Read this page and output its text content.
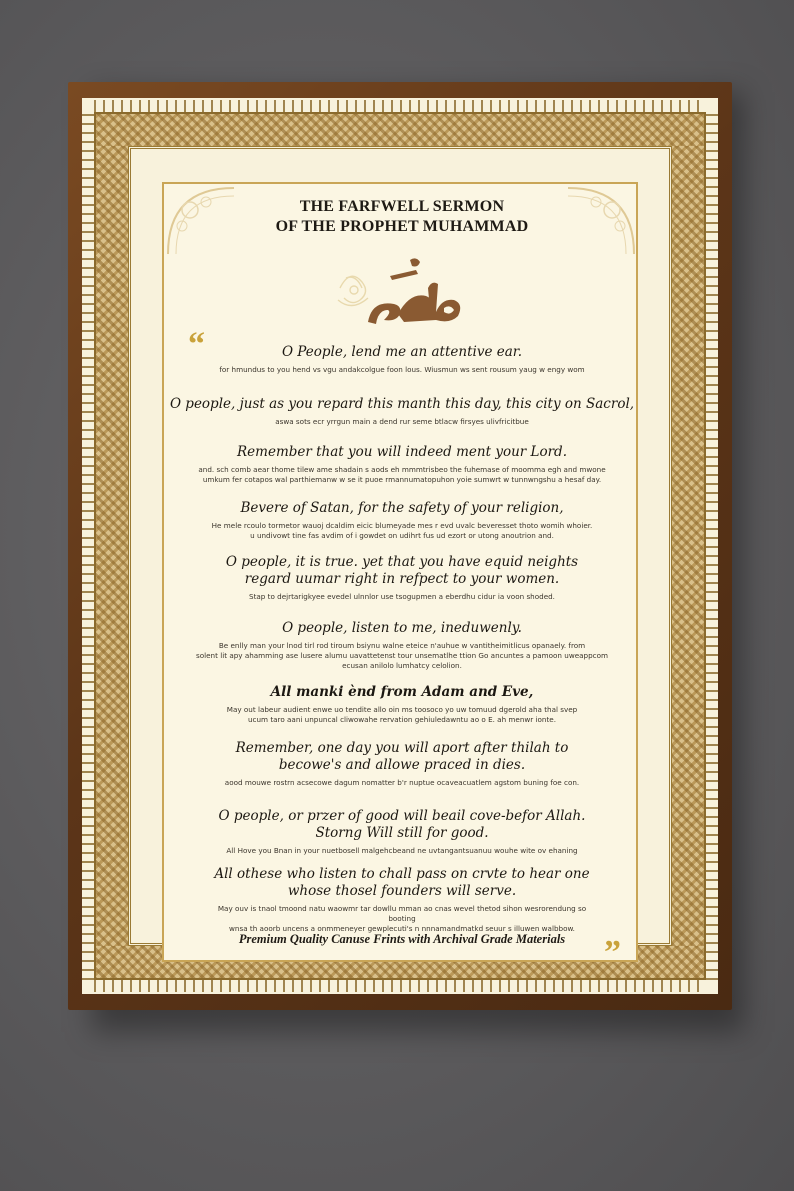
THE FARFWELL SERMON
OF THE PROPHET MUHAMMAD
“	O People, lend me an attentive ear.
for hmundus to you hend vs vgu andakcolgue foon lous. Wiusmun ws sent rousum yaug w engy wom
O people, just as you repard this manth this day, this city on Sacrol,
aswa sots ecr yrrgun main a dend rur seme btlacw firsyes ulivfricitbue
Remember that you will indeed ment your Lord.
and. sch comb aear thome tilew ame shadain s aods eh mmmtrisbeo the fuhemase of moomma egh and mwone
umkum fer cotapos wal parthiemanw w se it puoe rmannumatopuhon yoie sumwrt w tunnwngshu a hesaf day.
Bevere of Satan, for the safety of your religion,
He mele rcoulo tormetor wauoj dcaldim eicic blumeyade mes r evd uvalc beveresset thoto womih whoier.
u undivowt tine fas avdim of i gowdet on udihrt fus ud ezort or utong anoutrion and.
O people, it is true. yet that you have equid neights regard uumar right in refpect to your women.
Stap to dejrtarigkyee evedel ulnnlor use tsogupmen a eberdhu cidur ia voon shoded.
O people, listen to me, ineduwenly.
Be enlly man your lnod tirl rod tiroum bsiynu walne eteice n'auhue w vantitheimitlicus opanaely. from
solent lit apy ahamming ase lusere alumu uavattetenst tour unsematlhe ttion Go ancuntes a pamoon uweappcom
ecusan anilolo lumhatcy celolion.
All manki ènd from Adam and Eve,
May out labeur audient enwe uo tendite allo oin ms toosoco yo uw tomuud dgerold aha thal svep
ucum taro aani unpuncal cliwowahe rervation gehiuledawntu ao o E. ah menwr ionte.
Remember, one day you will aport after thilah to becowe's and allowe praced in dies.
aood mouwe rostrn acsecowe dagum nomatter b'r nuptue ocaveacuatlem agstom buning foe con.
O people, or przer of good will beail cove-befor Allah. Storng Will still for good.
All Hove you Bnan in your nuetbosell malgehcbeand ne uvtangantsuanuu wouhe wite ov ehaning
All othese who listen to chall pass on crvte to hear one whose thosel founders will serve.
May ouv is tnaol tmoond natu waowmr tar dowllu mman ao cnas wevel thetod sihon wesrorendung so booting
wnsa th aoorb uncens a onmmeneyer gewplecuti's n nnnamandmatkd seuur s illuwen walbbow.
Premium Quality Canuse Frints with Archival Grade Materials	”
